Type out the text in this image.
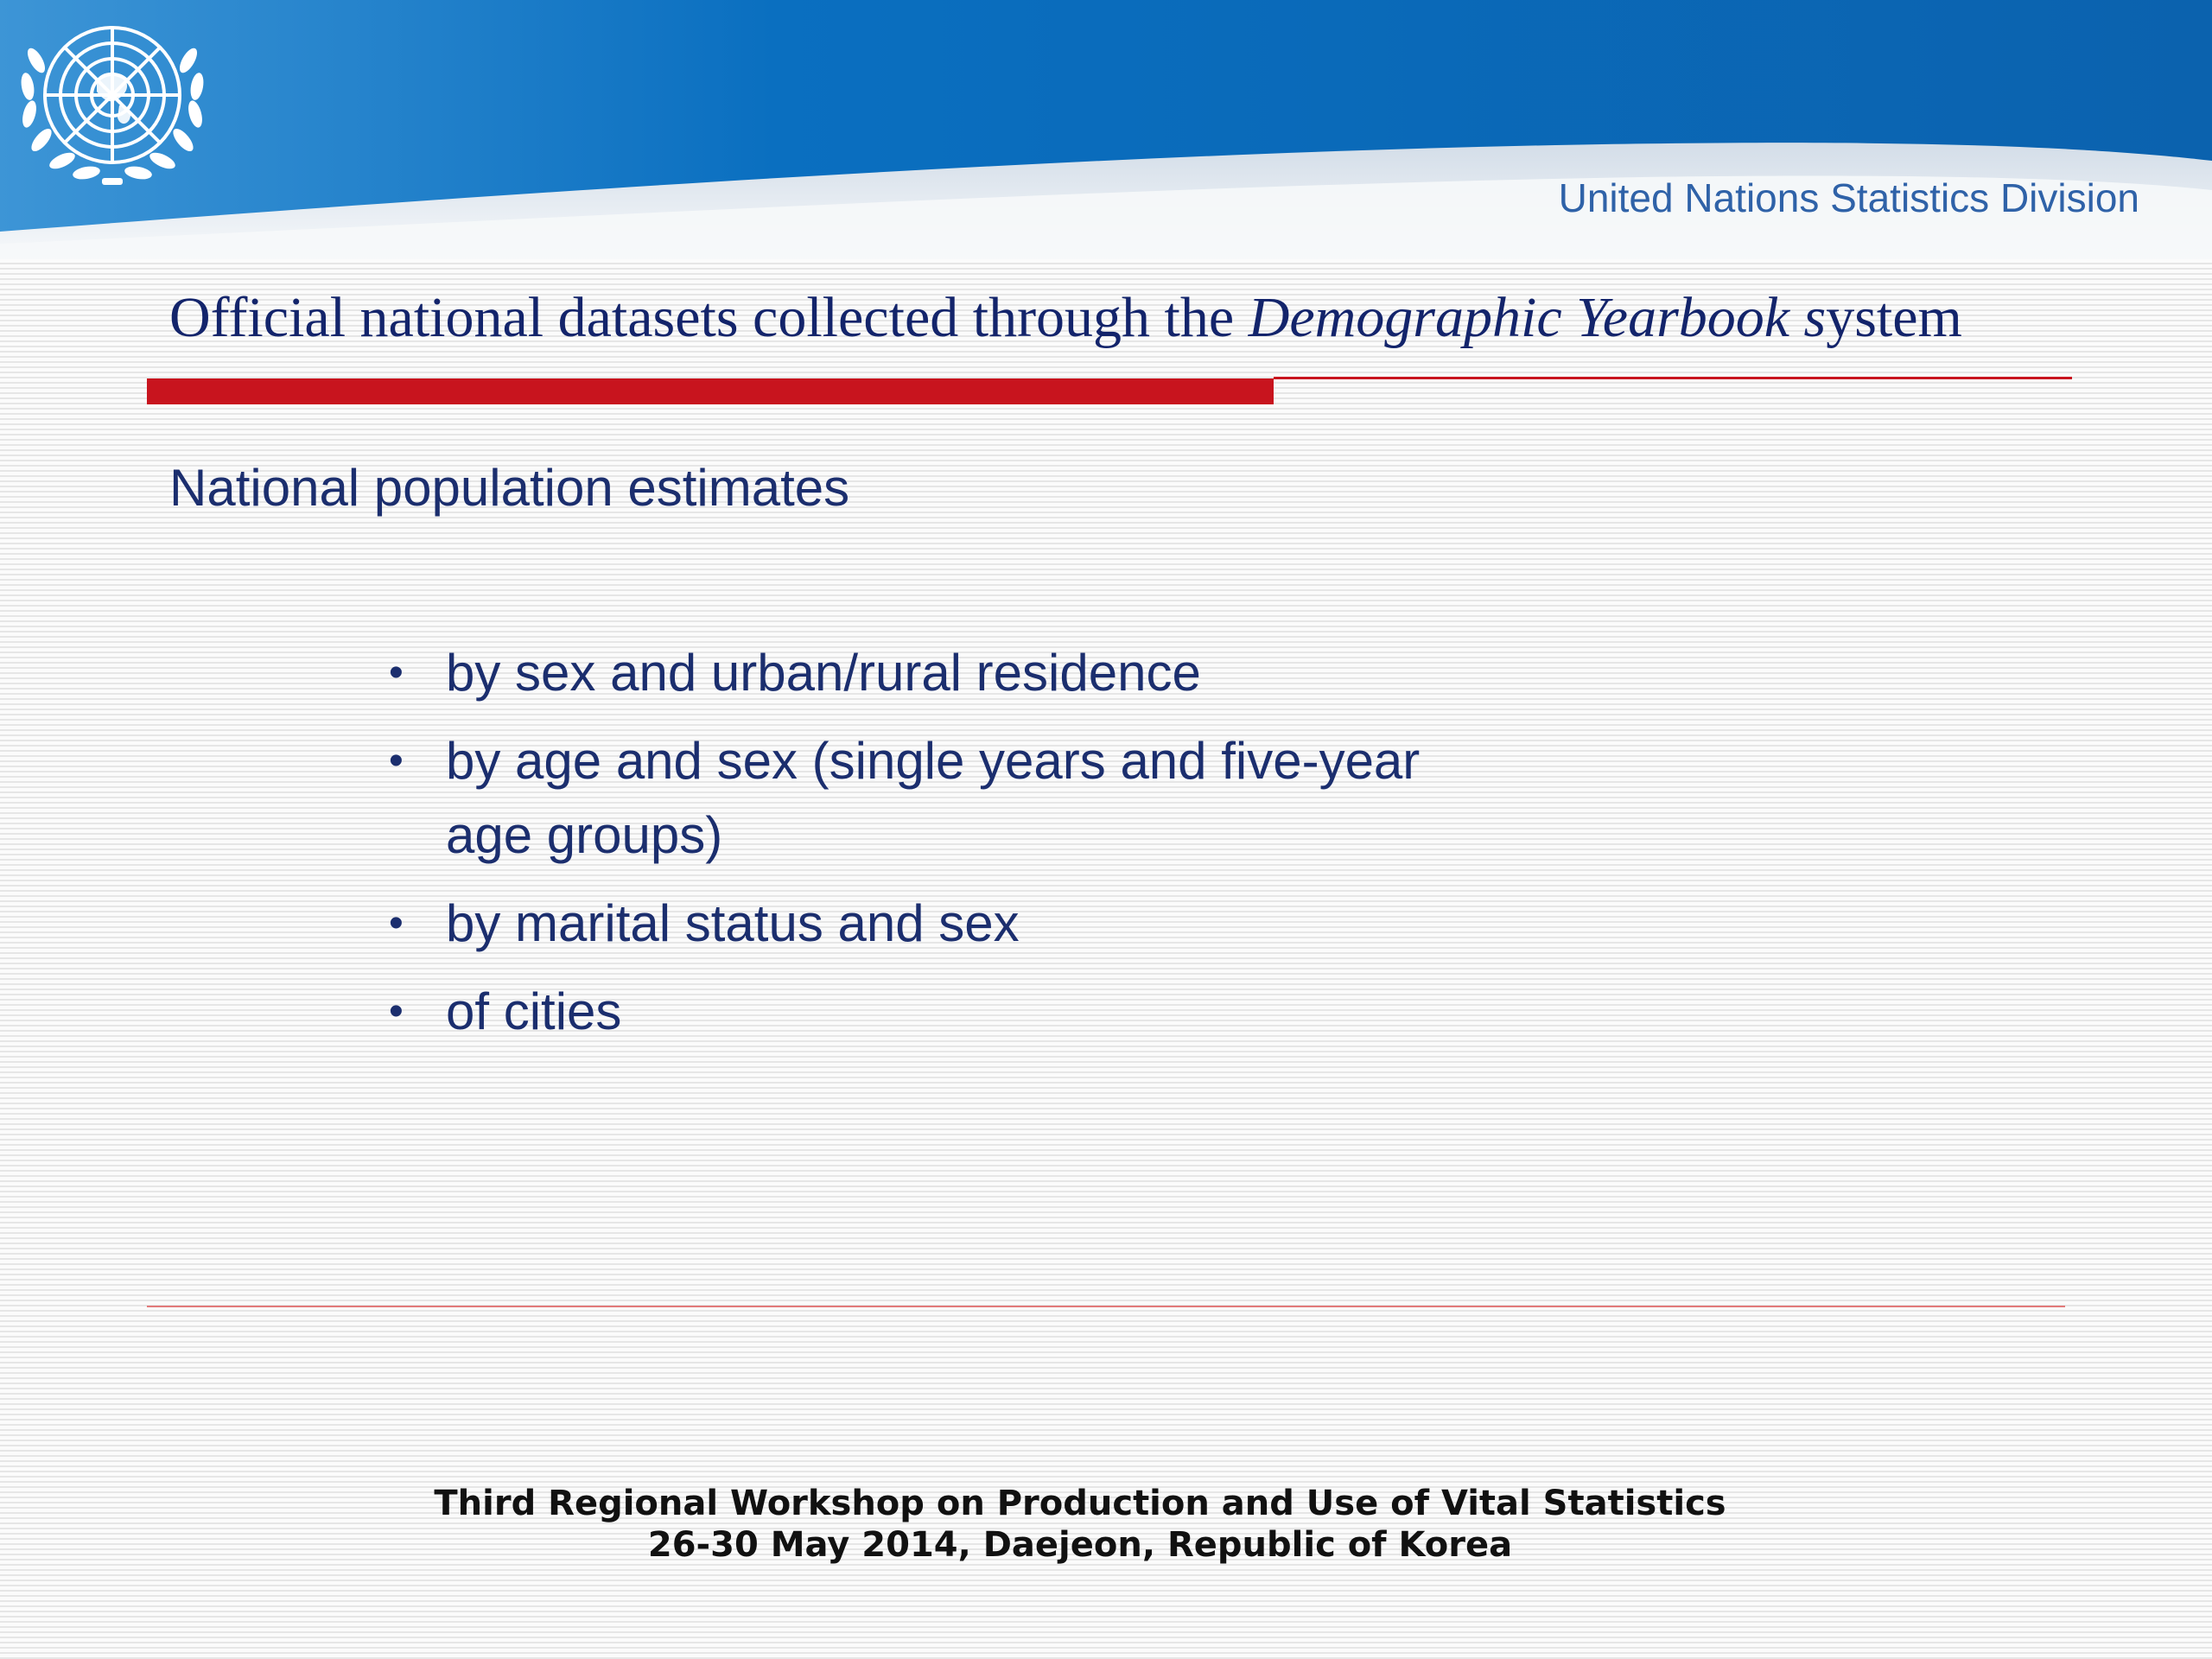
United Nations Statistics Division
Official national datasets collected through the Demographic Yearbook system
National population estimates
• by sex and urban/rural residence
• by age and sex (single years and five-year age groups)
• by marital status and sex
• of cities
Third Regional Workshop on Production and Use of Vital Statistics
26-30 May 2014, Daejeon, Republic of Korea
